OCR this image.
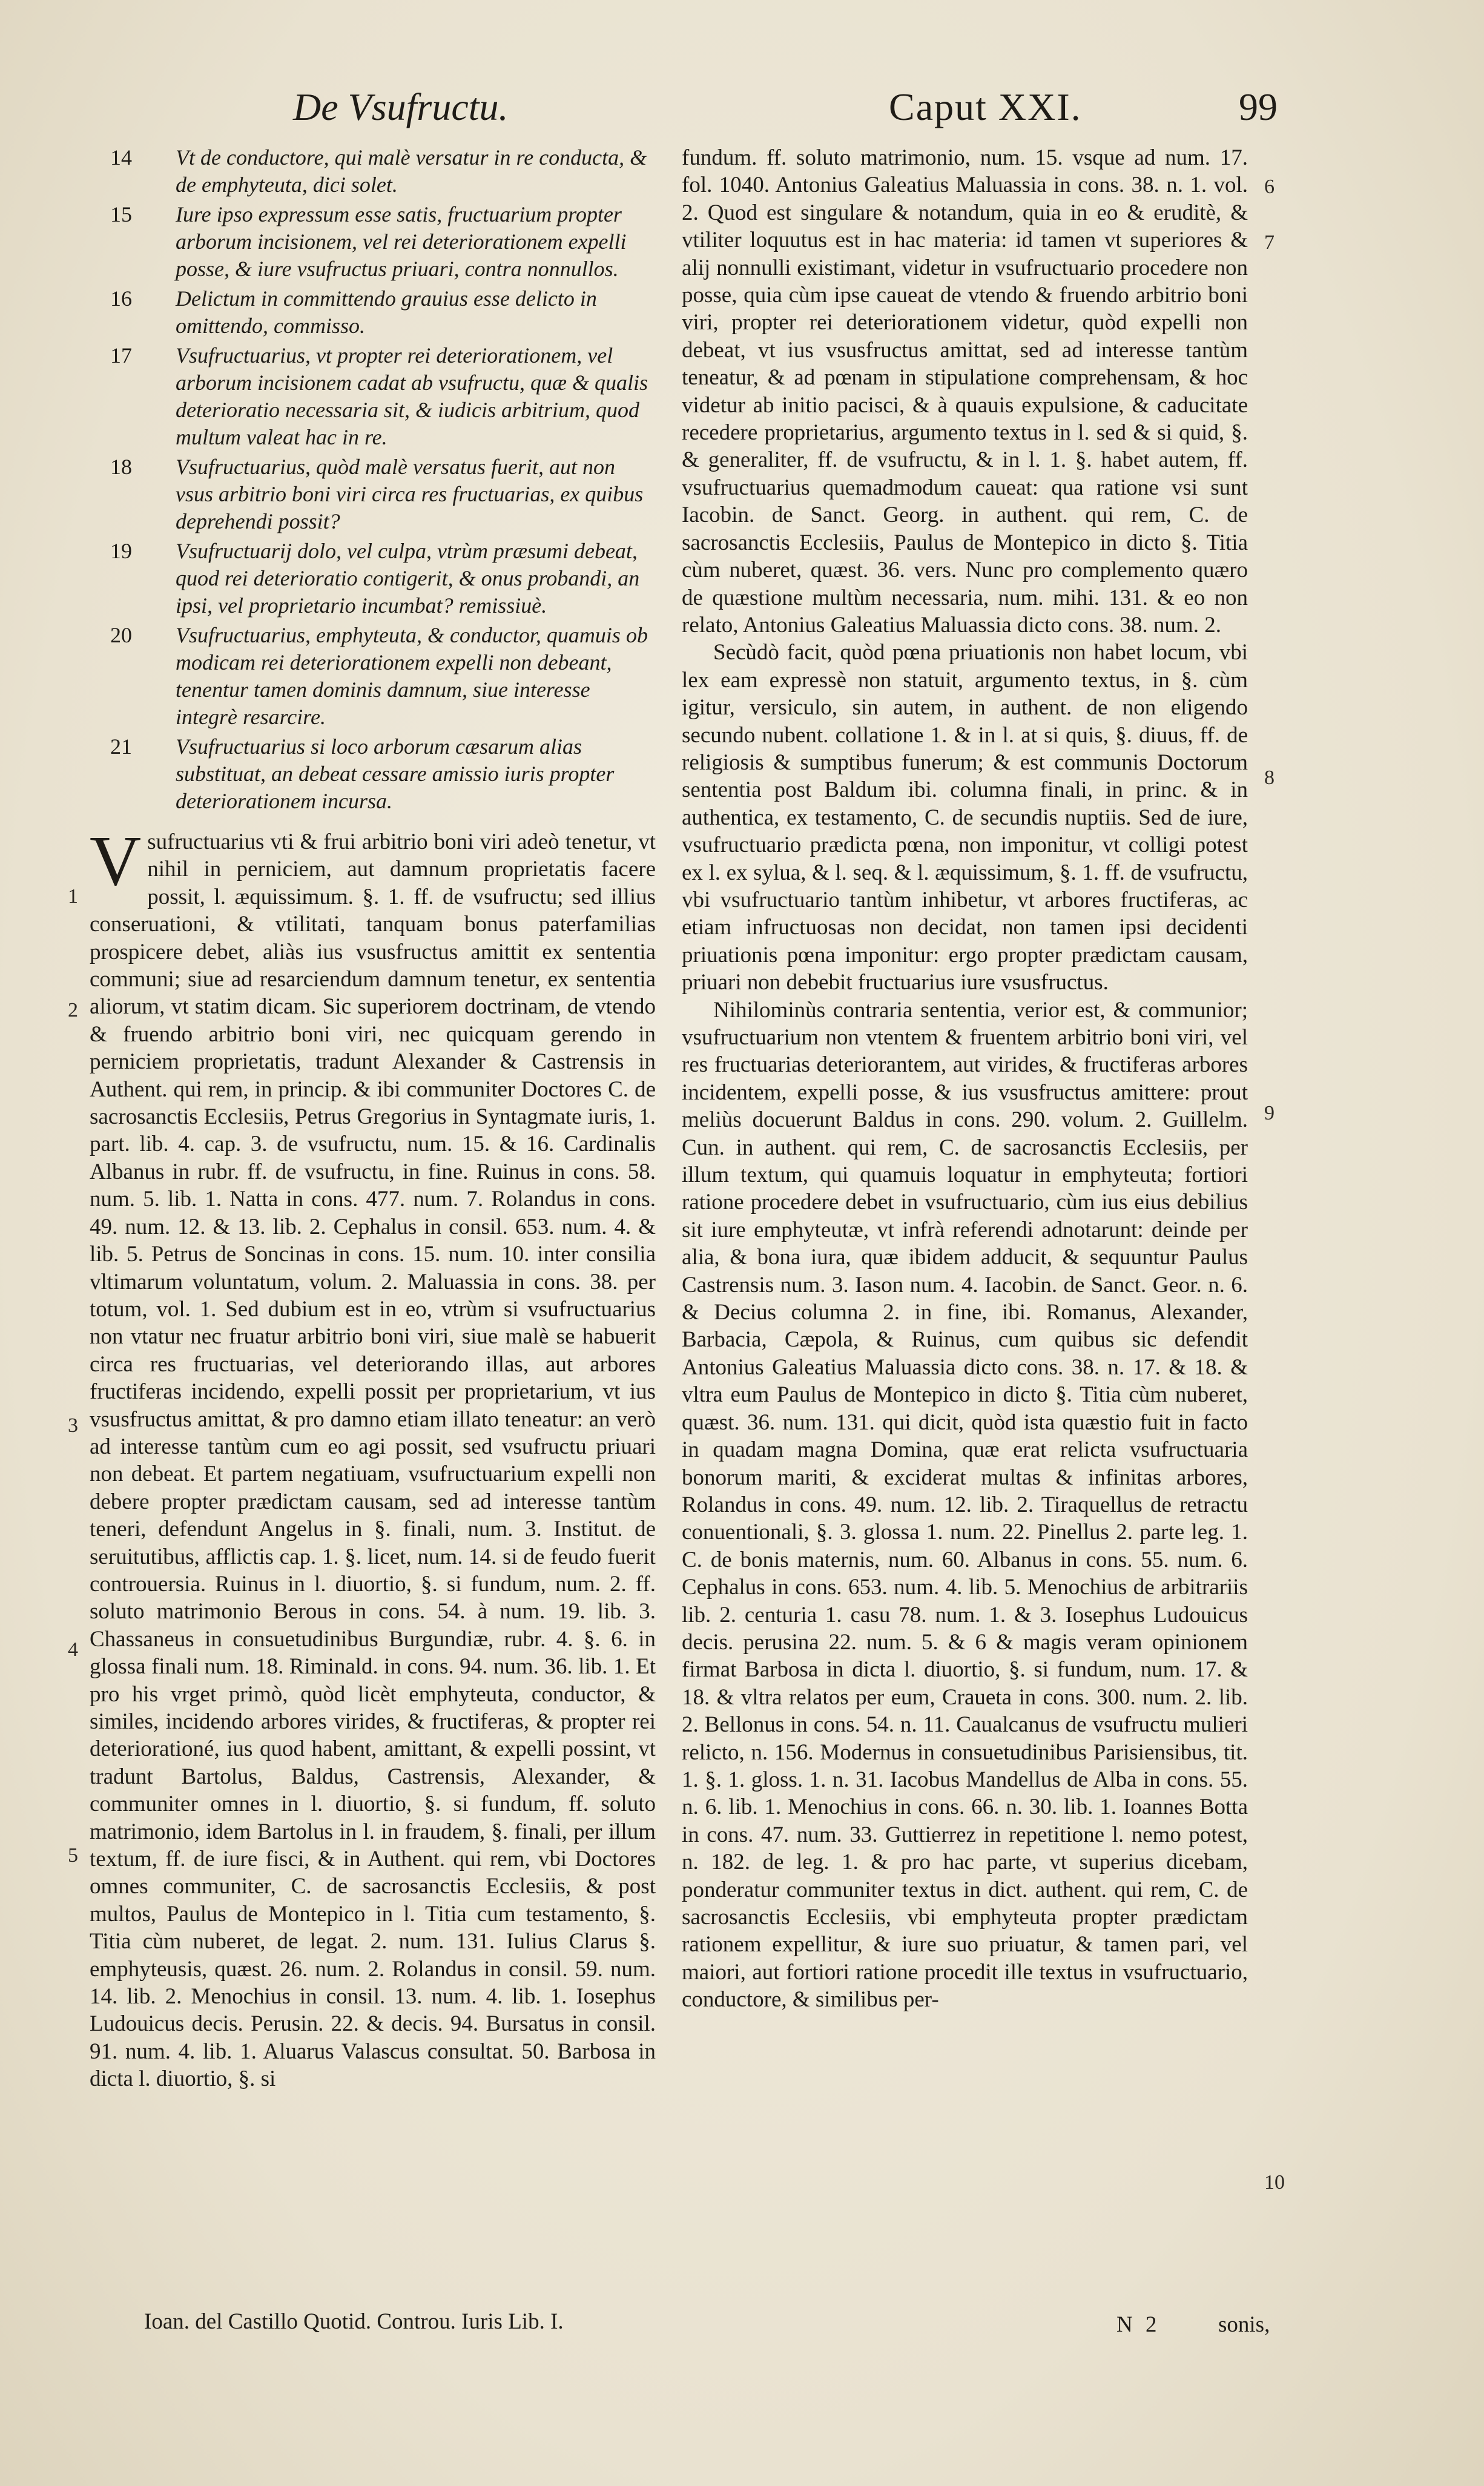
De Vsufructu.	Caput XXI.	99
14 Vt de conductore, qui malè versatur in re conducta, & de emphyteuta, dici solet.
15 Iure ipso expressum esse satis, fructuarium propter arborum incisionem, vel rei deteriorationem expelli posse, & iure vsufructus priuari, contra nonnullos.
16 Delictum in committendo grauius esse delicto in omittendo, commisso.
17 Vsufructuarius, vt propter rei deteriorationem, vel arborum incisionem cadat ab vsufructu, quæ & qualis deterioratio necessaria sit, & iudicis arbitrium, quod multum valeat hac in re.
18 Vsufructuarius, quòd malè versatus fuerit, aut non vsus arbitrio boni viri circa res fructuarias, ex quibus deprehendi possit?
19 Vsufructuarij dolo, vel culpa, vtrùm præsumi debeat, quod rei deterioratio contigerit, & onus probandi, an ipsi, vel proprietario incumbat? remissiuè.
20 Vsufructuarius, emphyteuta, & conductor, quamuis ob modicam rei deteriorationem expelli non debeant, tenentur tamen dominis damnum, siue interesse integrè resarcire.
21 Vsufructuarius si loco arborum cæsarum alias substituat, an debeat cessare amissio iuris propter deteriorationem incursa.

Vsufructuarius vti & frui arbitrio boni viri adeò tenetur, vt nihil in perniciem, aut damnum proprietatis facere possit, l. æquissimum. §. 1. ff. de vsufructu; sed illius conseruationi, & vtilitati, tanquam bonus paterfamilias prospicere debet, aliàs ius vsusfructus amittit ex sententia communi; siue ad resarciendum damnum tenetur, ex sententia aliorum, vt statim dicam. Sic superiorem doctrinam, de vtendo & fruendo arbitrio boni viri, nec quicquam gerendo in perniciem proprietatis, tradunt Alexander & Castrensis in Authent. qui rem, in princip. & ibi communiter Doctores C. de sacrosanctis Ecclesiis, Petrus Gregorius in Syntagmate iuris, 1. part. lib. 4. cap. 3. de vsufructu, num. 15. & 16. Cardinalis Albanus in rubr. ff. de vsufructu, in fine. Ruinus in cons. 58. num. 5. lib. 1. Natta in cons. 477. num. 7. Rolandus in cons. 49. num. 12. & 13. lib. 2. Cephalus in consil. 653. num. 4. & lib. 5. Petrus de Soncinas in cons. 15. num. 10. inter consilia vltimarum voluntatum, volum. 2. Maluassia in cons. 38. per totum, vol. 1. Sed dubium est in eo, vtrùm si vsufructuarius non vtatur nec fruatur arbitrio boni viri, siue malè se habuerit circa res fructuarias, vel deteriorando illas, aut arbores fructiferas incidendo, expelli possit per proprietarium, vt ius vsusfructus amittat, & pro damno etiam illato teneatur: an verò ad interesse tantùm cum eo agi possit, sed vsufructu priuari non debeat. Et partem negatiuam, vsufructuarium expelli non debere propter prædictam causam, sed ad interesse tantùm teneri, defendunt Angelus in §. finali, num. 3. Institut. de seruitutibus, afflictis cap. 1. §. licet, num. 14. si de feudo fuerit controuersia. Ruinus in l. diuortio, §. si fundum, num. 2. ff. soluto matrimonio Berous in cons. 54. à num. 19. lib. 3. Chassaneus in consuetudinibus Burgundiæ, rubr. 4. §. 6. in glossa finali num. 18. Riminald. in cons. 94. num. 36. lib. 1. Et pro his vrget primò, quòd licèt emphyteuta, conductor, & similes, incidendo arbores virides, & fructiferas, & propter rei deteriorationé, ius quod habent, amittant, & expelli possint, vt tradunt Bartolus, Baldus, Castrensis, Alexander, & communiter omnes in l. diuortio, §. si fundum, ff. soluto matrimonio, idem Bartolus in l. in fraudem, §. finali, per illum textum, ff. de iure fisci, & in Authent. qui rem, vbi Doctores omnes communiter, C. de sacrosanctis Ecclesiis, & post multos, Paulus de Montepico in l. Titia cum testamento, §. Titia cùm nuberet, de legat. 2. num. 131. Iulius Clarus §. emphyteusis, quæst. 26. num. 2. Rolandus in consil. 59. num. 14. lib. 2. Menochius in consil. 13. num. 4. lib. 1. Iosephus Ludouicus decis. Perusin. 22. & decis. 94. Bursatus in consil. 91. num. 4. lib. 1. Aluarus Valascus consultat. 50. Barbosa in dicta l. diuortio, §. si

fundum. ff. soluto matrimonio, num. 15. vsque ad num. 17. fol. 1040. Antonius Galeatius Maluassia in cons. 38. n. 1. vol. 2. Quod est singulare & notandum, quia in eo & eruditè, & vtiliter loquutus est in hac materia: id tamen vt superiores & alij nonnulli existimant, videtur in vsufructuario procedere non posse, quia cùm ipse caueat de vtendo & fruendo arbitrio boni viri, propter rei deteriorationem videtur, quòd expelli non debeat, vt ius vsusfructus amittat, sed ad interesse tantùm teneatur, & ad pœnam in stipulatione comprehensam, & hoc videtur ab initio pacisci, & à quauis expulsione, & caducitate recedere proprietarius, argumento textus in l. sed & si quid, §. & generaliter, ff. de vsufructu, & in l. 1. §. habet autem, ff. vsufructuarius quemadmodum caueat: qua ratione vsi sunt Iacobin. de Sanct. Georg. in authent. qui rem, C. de sacrosanctis Ecclesiis, Paulus de Montepico in dicto §. Titia cùm nuberet, quæst. 36. vers. Nunc pro complemento quæro de quæstione multùm necessaria, num. mihi. 131. & eo non relato, Antonius Galeatius Maluassia dicto cons. 38. num. 2.

Secùdò facit, quòd pœna priuationis non habet locum, vbi lex eam expressè non statuit, argumento textus, in §. cùm igitur, versiculo, sin autem, in authent. de non eligendo secundo nubent. collatione 1. & in l. at si quis, §. diuus, ff. de religiosis & sumptibus funerum; & est communis Doctorum sententia post Baldum ibi. columna finali, in princ. & in authentica, ex testamento, C. de secundis nuptiis. Sed de iure, vsufructuario prædicta pœna, non imponitur, vt colligi potest ex l. ex sylua, & l. seq. & l. æquissimum, §. 1. ff. de vsufructu, vbi vsufructuario tantùm inhibetur, vt arbores fructiferas, ac etiam infructuosas non decidat, non tamen ipsi decidenti priuationis pœna imponitur: ergo propter prædictam causam, priuari non debebit fructuarius iure vsusfructus.

Nihilominùs contraria sententia, verior est, & communior; vsufructuarium non vtentem & fruentem arbitrio boni viri, vel res fructuarias deteriorantem, aut virides, & fructiferas arbores incidentem, expelli posse, & ius vsusfructus amittere: prout meliùs docuerunt Baldus in cons. 290. volum. 2. Guillelm. Cun. in authent. qui rem, C. de sacrosanctis Ecclesiis, per illum textum, qui quamuis loquatur in emphyteuta; fortiori ratione procedere debet in vsufructuario, cùm ius eius debilius sit iure emphyteutæ, vt infrà referendi adnotarunt: deinde per alia, & bona iura, quæ ibidem adducit, & sequuntur Paulus Castrensis num. 3. Iason num. 4. Iacobin. de Sanct. Geor. n. 6. & Decius columna 2. in fine, ibi. Romanus, Alexander, Barbacia, Cæpola, & Ruinus, cum quibus sic defendit Antonius Galeatius Maluassia dicto cons. 38. n. 17. & 18. & vltra eum Paulus de Montepico in dicto §. Titia cùm nuberet, quæst. 36. num. 131. qui dicit, quòd ista quæstio fuit in facto in quadam magna Domina, quæ erat relicta vsufructuaria bonorum mariti, & exciderat multas & infinitas arbores, Rolandus in cons. 49. num. 12. lib. 2. Tiraquellus de retractu conuentionali, §. 3. glossa 1. num. 22. Pinellus 2. parte leg. 1. C. de bonis maternis, num. 60. Albanus in cons. 55. num. 6. Cephalus in cons. 653. num. 4. lib. 5. Menochius de arbitrariis lib. 2. centuria 1. casu 78. num. 1. & 3. Iosephus Ludouicus decis. perusina 22. num. 5. & 6 & magis veram opinionem firmat Barbosa in dicta l. diuortio, §. si fundum, num. 17. & 18. & vltra relatos per eum, Craueta in cons. 300. num. 2. lib. 2. Bellonus in cons. 54. n. 11. Caualcanus de vsufructu mulieri relicto, n. 156. Modernus in consuetudinibus Parisiensibus, tit. 1. §. 1. gloss. 1. n. 31. Iacobus Mandellus de Alba in cons. 55. n. 6. lib. 1. Menochius in cons. 66. n. 30. lib. 1. Ioannes Botta in cons. 47. num. 33. Guttierrez in repetitione l. nemo potest, n. 182. de leg. 1. & pro hac parte, vt superius dicebam, ponderatur communiter textus in dict. authent. qui rem, C. de sacrosanctis Ecclesiis, vbi emphyteuta propter prædictam rationem expellitur, & iure suo priuatur, & tamen pari, vel maiori, aut fortiori ratione procedit ille textus in vsufructuario, conductore, & similibus per-

1
2
3
4
5
6
7
8
9
10
Ioan. del Castillo Quotid. Controu. Iuris Lib. I.	N 2	sonis,
